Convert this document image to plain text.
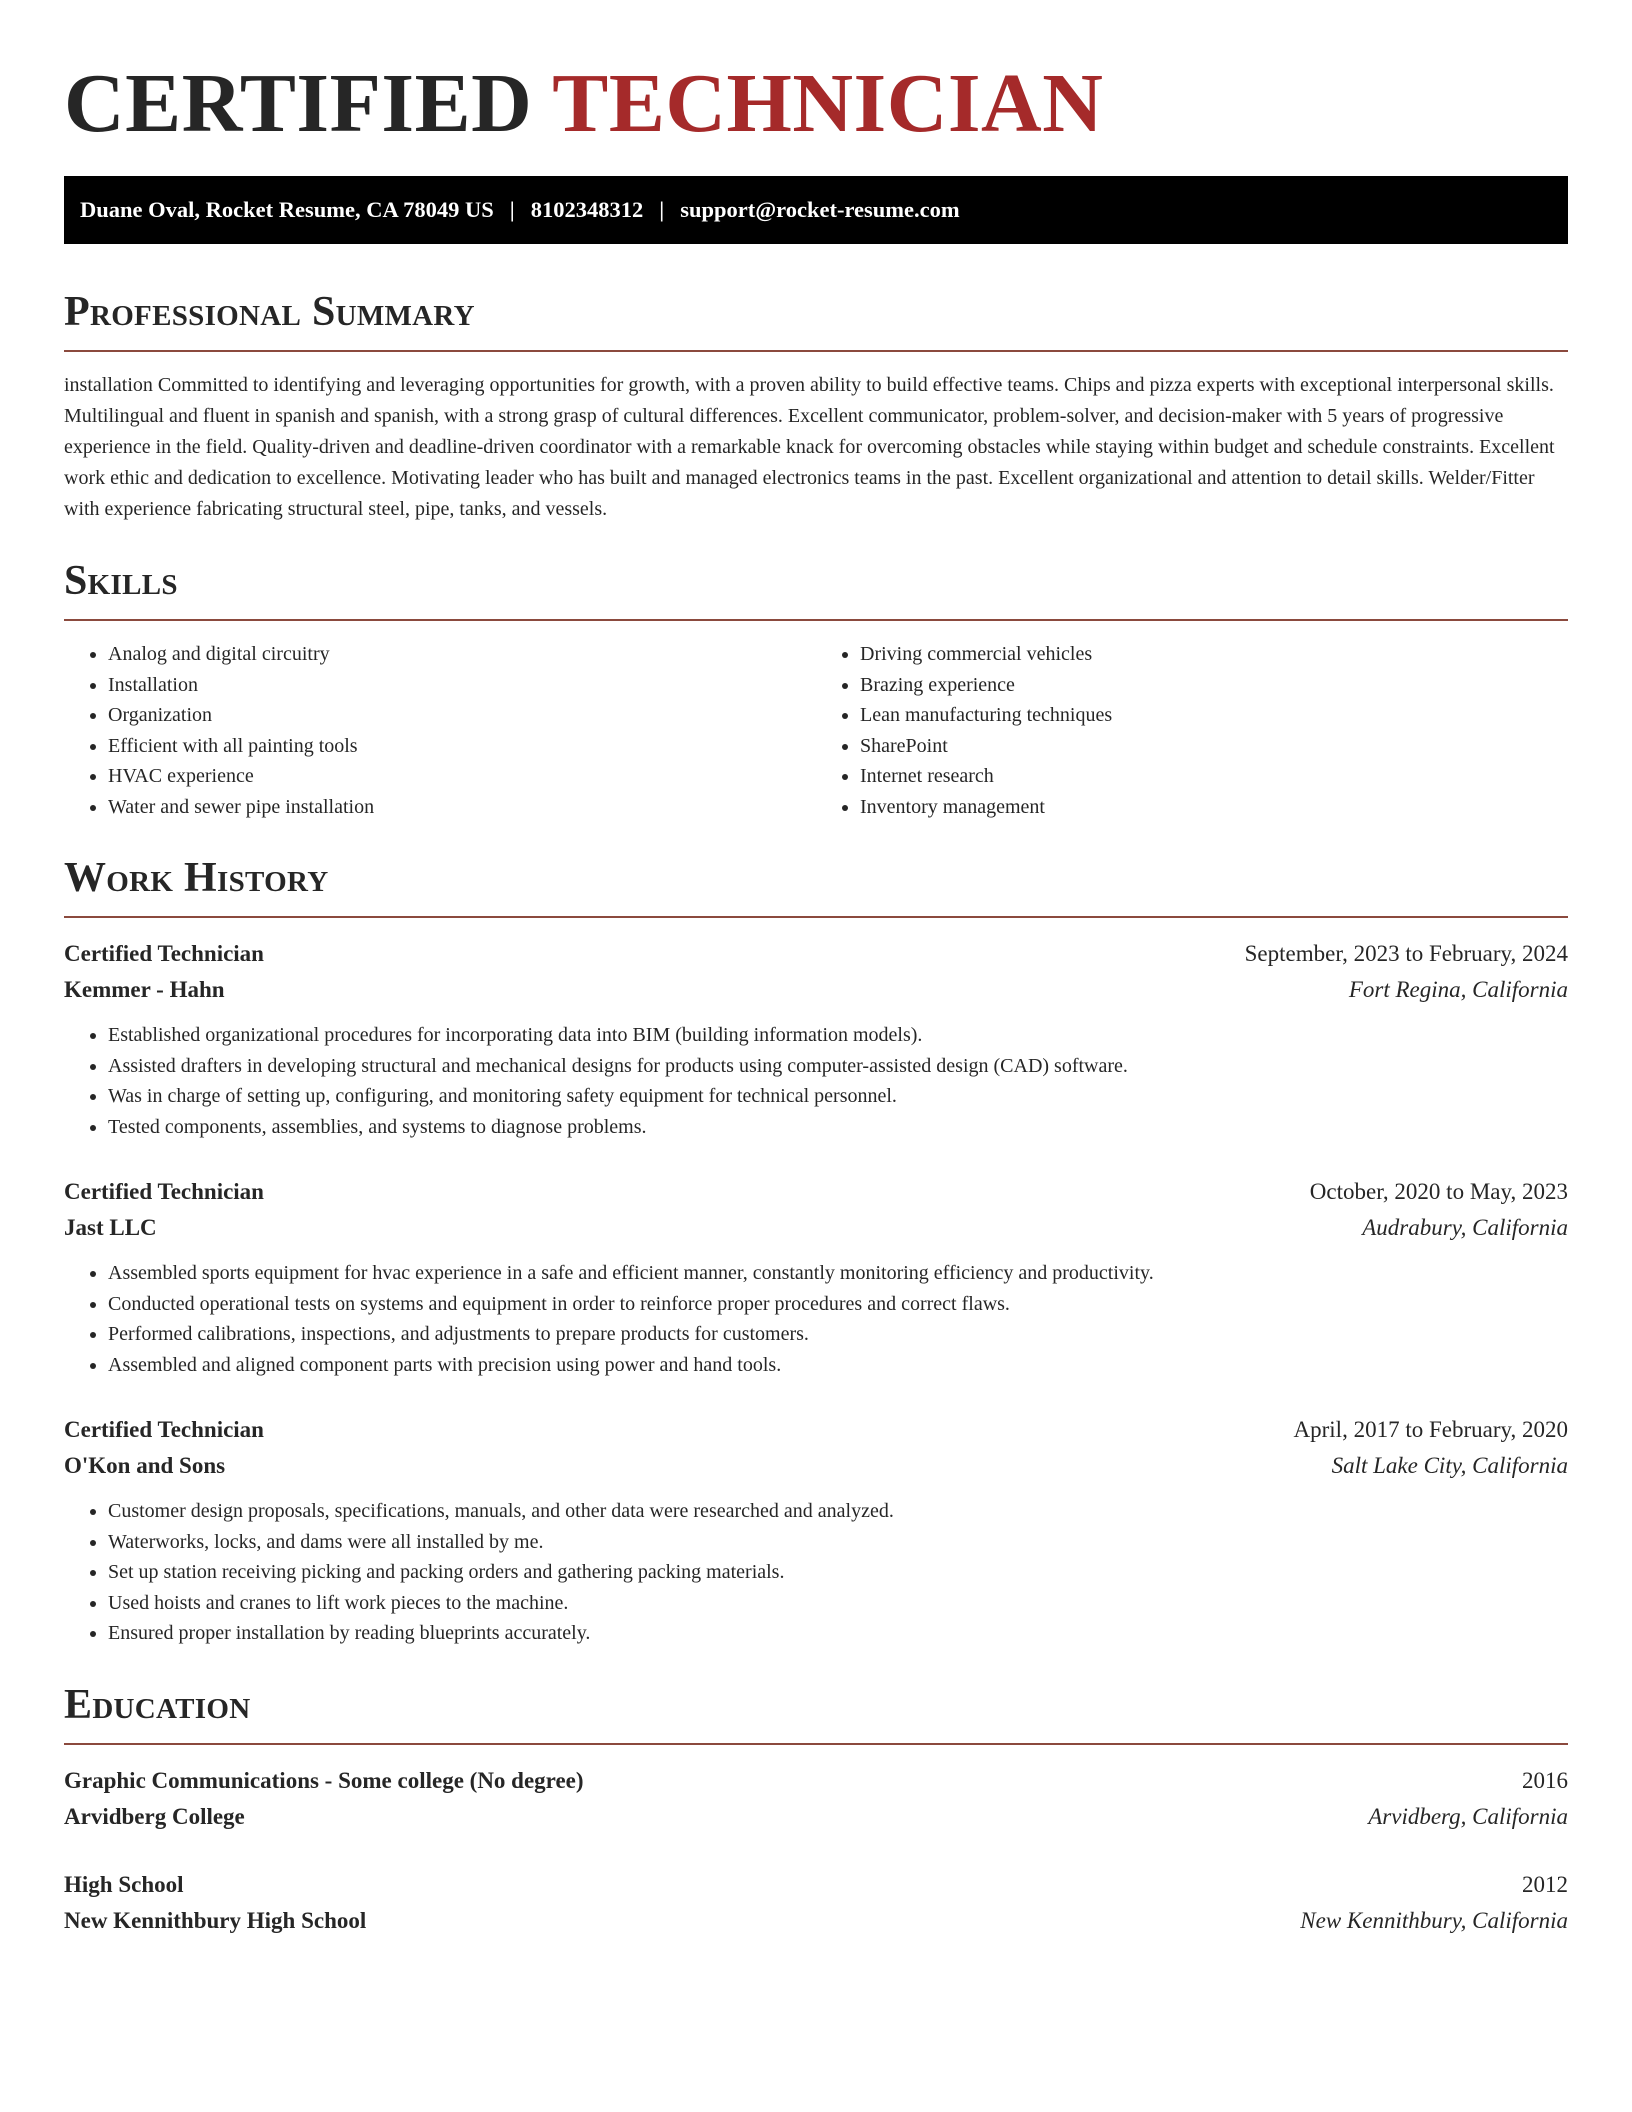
CERTIFIED TECHNICIAN
Duane Oval, Rocket Resume, CA 78049 US | 8102348312 | support@rocket-resume.com
Professional Summary

installation Committed to identifying and leveraging opportunities for growth, with a proven ability to build effective teams. Chips and pizza experts with exceptional interpersonal skills. Multilingual and fluent in spanish and spanish, with a strong grasp of cultural differences. Excellent communicator, problem-solver, and decision-maker with 5 years of progressive experience in the field. Quality-driven and deadline-driven coordinator with a remarkable knack for overcoming obstacles while staying within budget and schedule constraints. Excellent work ethic and dedication to excellence. Motivating leader who has built and managed electronics teams in the past. Excellent organizational and attention to detail skills. Welder/Fitter with experience fabricating structural steel, pipe, tanks, and vessels.

Skills
• Analog and digital circuitry
• Installation
• Organization
• Efficient with all painting tools
• HVAC experience
• Water and sewer pipe installation
• Driving commercial vehicles
• Brazing experience
• Lean manufacturing techniques
• SharePoint
• Internet research
• Inventory management
Work History
Certified Technician	September, 2023 to February, 2024
Kemmer - Hahn	Fort Regina, California
• Established organizational procedures for incorporating data into BIM (building information models).
• Assisted drafters in developing structural and mechanical designs for products using computer-assisted design (CAD) software.
• Was in charge of setting up, configuring, and monitoring safety equipment for technical personnel.
• Tested components, assemblies, and systems to diagnose problems.
Certified Technician	October, 2020 to May, 2023
Jast LLC	Audrabury, California
• Assembled sports equipment for hvac experience in a safe and efficient manner, constantly monitoring efficiency and productivity.
• Conducted operational tests on systems and equipment in order to reinforce proper procedures and correct flaws.
• Performed calibrations, inspections, and adjustments to prepare products for customers.
• Assembled and aligned component parts with precision using power and hand tools.
Certified Technician	April, 2017 to February, 2020
O'Kon and Sons	Salt Lake City, California
• Customer design proposals, specifications, manuals, and other data were researched and analyzed.
• Waterworks, locks, and dams were all installed by me.
• Set up station receiving picking and packing orders and gathering packing materials.
• Used hoists and cranes to lift work pieces to the machine.
• Ensured proper installation by reading blueprints accurately.
Education
Graphic Communications - Some college (No degree)	2016
Arvidberg College	Arvidberg, California
High School	2012
New Kennithbury High School	New Kennithbury, California
